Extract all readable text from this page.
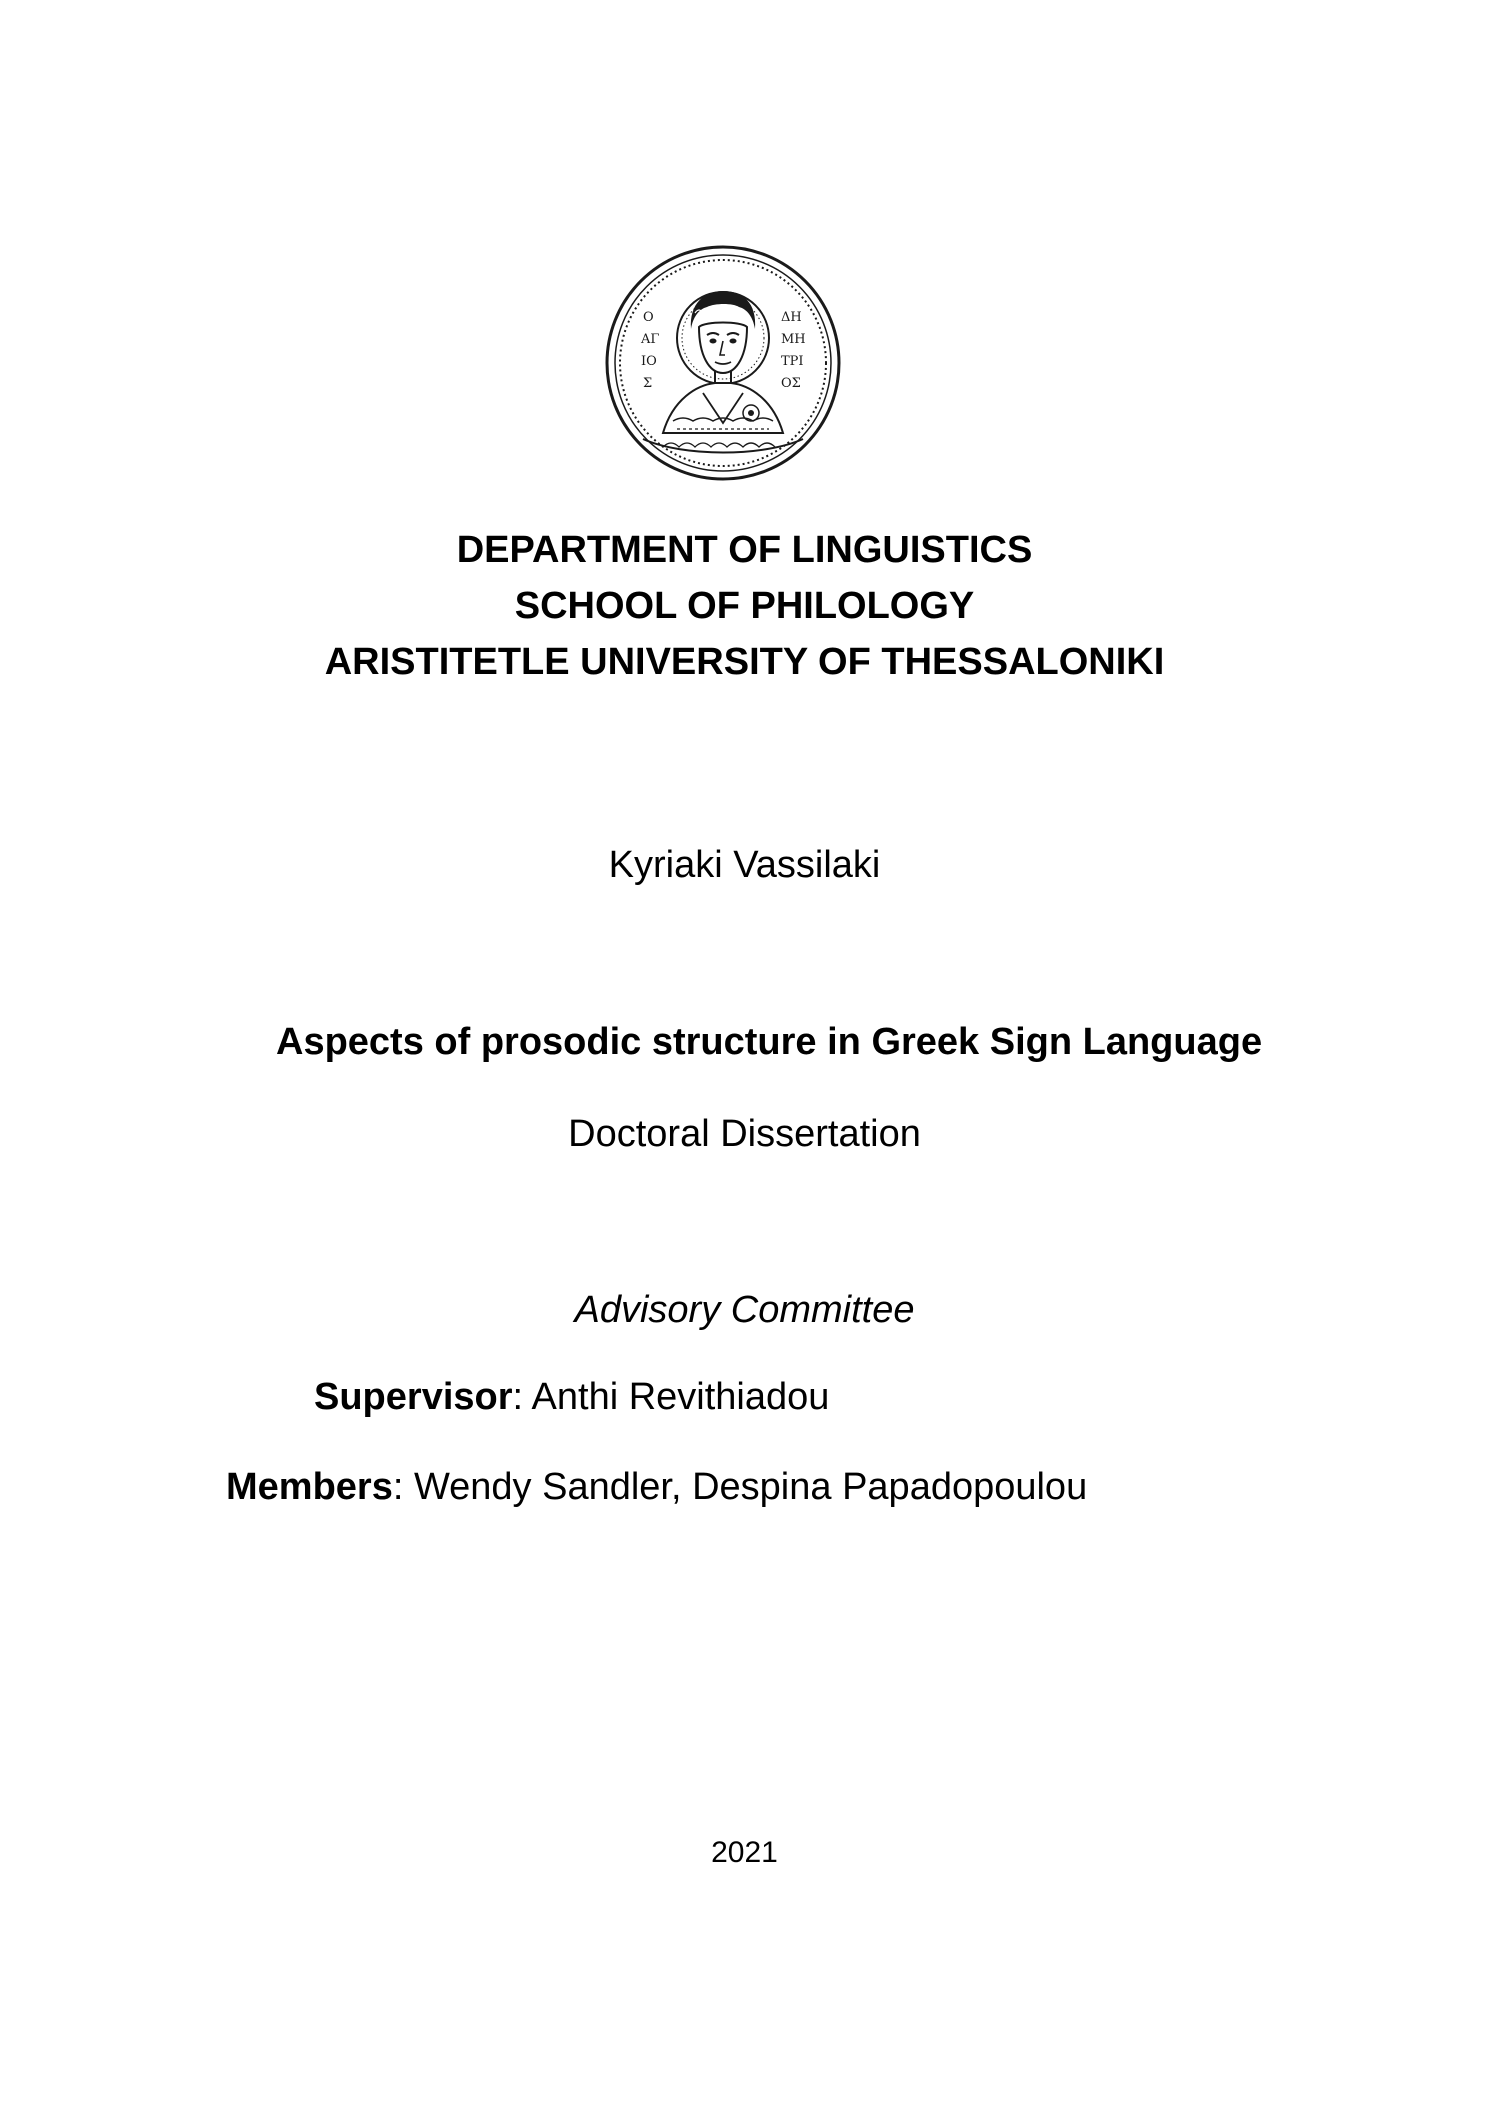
Ο
ΑΓ
ΙΟ
Σ
ΔΗ
ΜΗ
ΤΡΙ
ΟΣ
DEPARTMENT OF LINGUISTICS
SCHOOL OF PHILOLOGY
ARISTITETLE UNIVERSITY OF THESSALONIKI
Kyriaki Vassilaki
Aspects of prosodic structure in Greek Sign Language
Doctoral Dissertation
Advisory Committee
Supervisor: Anthi Revithiadou
Members: Wendy Sandler, Despina Papadopoulou
2021
